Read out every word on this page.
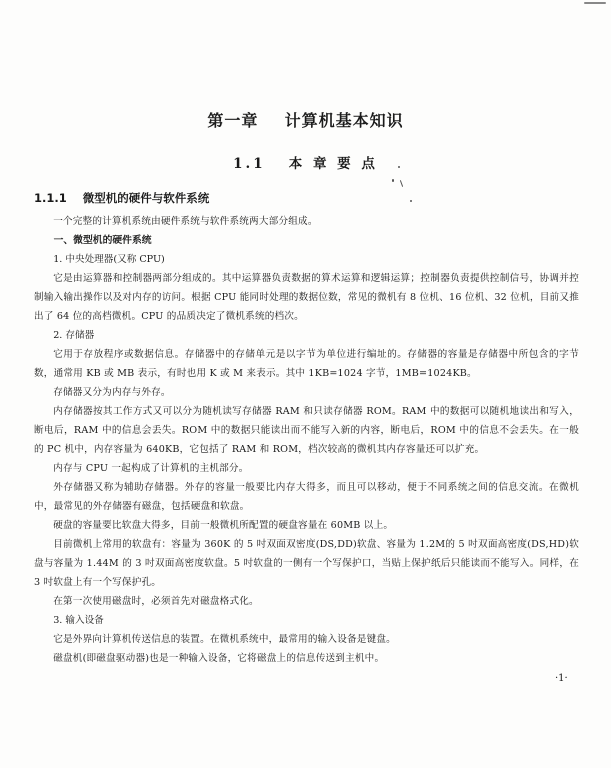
第一章    计算机基本知识
1.1   本 章 要 点
1.1.1    微型机的硬件与软件系统

一个完整的计算机系统由硬件系统与软件系统两大部分组成。

一、微型机的硬件系统

1. 中央处理器(又称 CPU)

它是由运算器和控制器两部分组成的。其中运算器负责数据的算术运算和逻辑运算；控制器负责提供控制信号，协调并控制输入输出操作以及对内存的访问。根据 CPU 能同时处理的数据位数，常见的微机有 8 位机、16 位机、32 位机，目前又推出了 64 位的高档微机。CPU 的品质决定了微机系统的档次。

2. 存储器

它用于存放程序或数据信息。存储器中的存储单元是以字节为单位进行编址的。存储器的容量是存储器中所包含的字节数，通常用 KB 或 MB 表示，有时也用 K 或 M 来表示。其中 1KB=1024 字节，1MB=1024KB。

存储器又分为内存与外存。

内存储器按其工作方式又可以分为随机读写存储器 RAM 和只读存储器 ROM。RAM 中的数据可以随机地读出和写入，断电后，RAM 中的信息会丢失。ROM 中的数据只能读出而不能写入新的内容，断电后，ROM 中的信息不会丢失。在一般的 PC 机中，内存容量为 640KB，它包括了 RAM 和 ROM，档次较高的微机其内存容量还可以扩充。

内存与 CPU 一起构成了计算机的主机部分。

外存储器又称为辅助存储器。外存的容量一般要比内存大得多，而且可以移动，便于不同系统之间的信息交流。在微机中，最常见的外存储器有磁盘，包括硬盘和软盘。

硬盘的容量要比软盘大得多，目前一般微机所配置的硬盘容量在 60MB 以上。

目前微机上常用的软盘有：容量为 360K 的 5 吋双面双密度(DS,DD)软盘、容量为 1.2M的 5 吋双面高密度(DS,HD)软盘与容量为 1.44M 的 3 吋双面高密度软盘。5 吋软盘的一侧有一个写保护口，当贴上保护纸后只能读而不能写入。同样，在 3 吋软盘上有一个写保护孔。

在第一次使用磁盘时，必须首先对磁盘格式化。

3. 输入设备

它是外界向计算机传送信息的装置。在微机系统中，最常用的输入设备是键盘。

磁盘机(即磁盘驱动器)也是一种输入设备，它将磁盘上的信息传送到主机中。

·1·
